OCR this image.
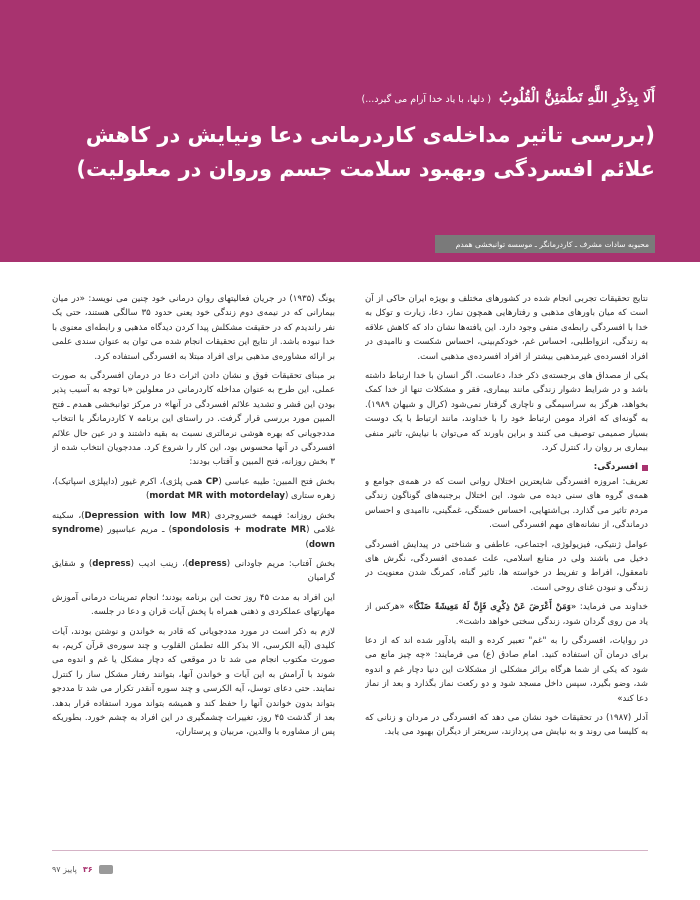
أَلَا بِذِكْرِ اللَّهِ تَطْمَئِنُّ الْقُلُوبُ
( دلها، با یاد خدا آرام می گیرد...)
(بررسی تاثیر مداخله‌ی کاردرمانی دعا ونیایش در کاهش علائم افسردگی وبهبود سلامت جسم وروان در معلولیت)
محبوبه سادات مشرف ـ کاردرمانگر ـ موسسه توانبخشی همدم

نتایج تحقیقات تجربی انجام شده در کشورهای مختلف و بویژه ایران حاکی از آن است که میان باورهای مذهبی و رفتارهایی همچون نماز، دعا، زیارت و توکل به خدا با افسردگی رابطه‌ی منفی وجود دارد. این یافته‌ها نشان داد که کاهش علاقه به زندگی، انزواطلبی، احساس غم، خودکم‌بینی، احساس شکست و ناامیدی در افراد افسرده‌ی غیرمذهبی بیشتر از افراد افسرده‌ی مذهبی است.

یکی از مصداق های برجسته‌ی ذکر خدا، دعاست. اگر انسان با خدا ارتباط داشته باشد و در شرایط دشوار زندگی مانند بیماری، فقر و مشکلات تنها از خدا کمک بخواهد، هرگز به سراسیمگی و ناچاری گرفتار نمی‌شود (کرال و شیهان ۱۹۸۹). به گونه‌ای که افراد مومن ارتباط خود را با خداوند، مانند ارتباط با یک دوست بسیار صمیمی توصیف می کنند و براین باورند که می‌توان با نیایش، تاثیر منفی بیماری بر روان را، کنترل کرد.

افسردگی:

تعریف: امروزه افسردگی شایعترین اختلال روانی است که در همه‌ی جوامع و همه‌ی گروه های سنی دیده می شود. این اختلال برجنبه‌های گوناگون زندگی مردم تاثیر می گذارد. بی‌اشتهایی، احساس خستگی، غمگینی، ناامیدی و احساس درماندگی، از نشانه‌های مهم افسردگی است.

عوامل ژنتیکی، فیزیولوژی، اجتماعی، عاطفی و شناختی در پیدایش افسردگی دخیل می باشند ولی در منابع اسلامی، علت عمده‌ی افسردگی، نگرش های نامعقول، افراط و تفریط در خواسته ها، تاثیر گناه، کمرنگ شدن معنویت در زندگی و نبودن غنای روحی است.

خداوند می فرماید: «وَمَنْ أَعْرَضَ عَنْ ذِکْرِی فَإِنَّ لَهُ مَعِیشَةً ضَنْکًا» «هرکس از یاد من روی گردان شود، زندگی سختی خواهد داشت».

در روایات، افسردگی را به "غم" تعبیر کرده و البته یادآور شده اند که از دعا برای درمان آن استفاده کنید. امام صادق (ع) می فرمایند: «چه چیز مانع می شود که یکی از شما هرگاه برائر مشکلی از مشکلات این دنیا دچار غم و اندوه شد، وضو بگیرد، سپس داخل مسجد شود و دو رکعت نماز بگذارد و بعد از نماز دعا کند»

آدلر (۱۹۸۷) در تحقیقات خود نشان می دهد که افسردگی در مردان و زنانی که به کلیسا می روند و به نیایش می پردازند، سریعتر از دیگران بهبود می یابد.

یونگ (۱۹۳۵) در جریان فعالیتهای روان درمانی خود چنین می نویسد: «در میان بیمارانی که در نیمه‌ی دوم زندگی خود یعنی حدود ۳۵ سالگی هستند، حتی یک نفر راندیدم که در حقیقت مشکلش پیدا کردن دیدگاه مذهبی و رابطه‌ای معنوی با خدا نبوده باشد. از نتایج این تحقیقات انجام شده می توان به عنوان سندی علمی بر ارائه مشاوره‌ی مذهبی برای افراد مبتلا به افسردگی استفاده کرد.

بر مبنای تحقیقات فوق و نشان دادن اثرات دعا در درمان افسردگی به صورت عملی، این طرح به عنوان مداخله کاردرمانی در معلولین «با توجه به آسیب پذیر بودن این قشر و تشدید علائم افسردگی در آنها» در مرکز توانبخشی همدم ـ فتح المبین مورد بررسی قرار گرفت. در راستای این برنامه ۷ کاردرمانگر با انتخاب مددجویانی که بهره هوشی نرمالتری نسبت به بقیه داشتند و در عین حال علائم افسردگی در آنها محسوس بود، این کار را شروع کرد. مددجویان انتخاب شده از ۳ بخش روزانه، فتح المبین و آفتاب بودند:

بخش فتح المبین: طیبه عباسی (CP همی پلژی)، اکرم غیور (دایپلژی اسپاتیک)، زهره ستاری (mordat MR with motordelay)

بخش روزانه: فهیمه خسروجردی (Depression with low MR)، سکینه غلامی (spondolosis + modrate MR) ـ مریم عباسپور (syndrome down)

بخش آفتاب: مریم جاودانی (depress)، زینب ادیب (depress) و شقایق گرامیان

این افراد به مدت ۴۵ روز تحت این برنامه بودند؛ انجام تمرینات درمانی آموزش مهارتهای عملکردی و ذهنی همراه با پخش آیات قران و دعا در جلسه.

لازم به ذکر است در مورد مددجویانی که قادر به خواندن و نوشتن بودند، آیات کلیدی (آیه الکرسی، الا بذکر الله تطمئن القلوب و چند سوره‌ی قرآن کریم، به صورت مکتوب انجام می شد تا در موقعی که دچار مشکل یا غم و اندوه می شوند با آرامش به این آیات و خواندن آنها، بتوانند رفتار مشکل ساز را کنترل نمایند. حتی دعای توسل، آیه الکرسی و چند سوره آنقدر تکرار می شد تا مددجو بتواند بدون خواندن آنها را حفظ کند و همیشه بتواند مورد استفاده قرار بدهد. بعد از گذشت ۴۵ روز، تغییرات چشمگیری در این افراد به چشم خورد. بطوریکه پس از مشاوره با والدین، مربیان و پرستاران،

پاییز ۹۷ ۳۶
